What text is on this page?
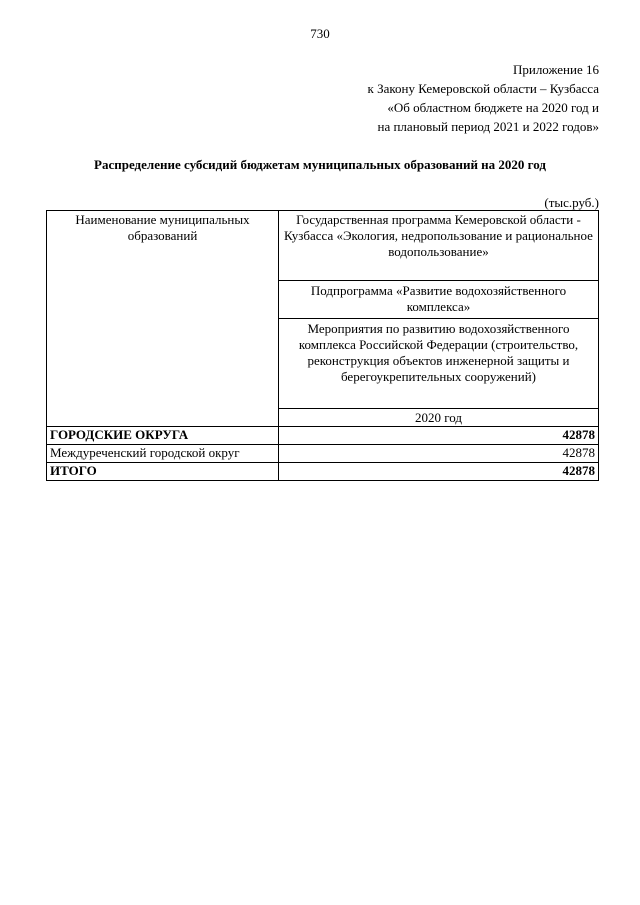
730
Приложение 16
к Закону Кемеровской области – Кузбасса
«Об областном бюджете на 2020 год и
на плановый период 2021 и 2022 годов»
Распределение субсидий бюджетам муниципальных образований на 2020 год
(тыс.руб.)
Наименование муниципальных образований	Государственная программа Кемеровской области - Кузбасса «Экология, недропользование и рациональное водопользование»
	Подпрограмма «Развитие водохозяйственного комплекса»
	Мероприятия по развитию водохозяйственного комплекса Российской Федерации (строительство, реконструкция объектов инженерной защиты и берегоукрепительных сооружений)
	2020 год
ГОРОДСКИЕ ОКРУГА	42878
Междуреченский городской округ	42878
ИТОГО	42878
